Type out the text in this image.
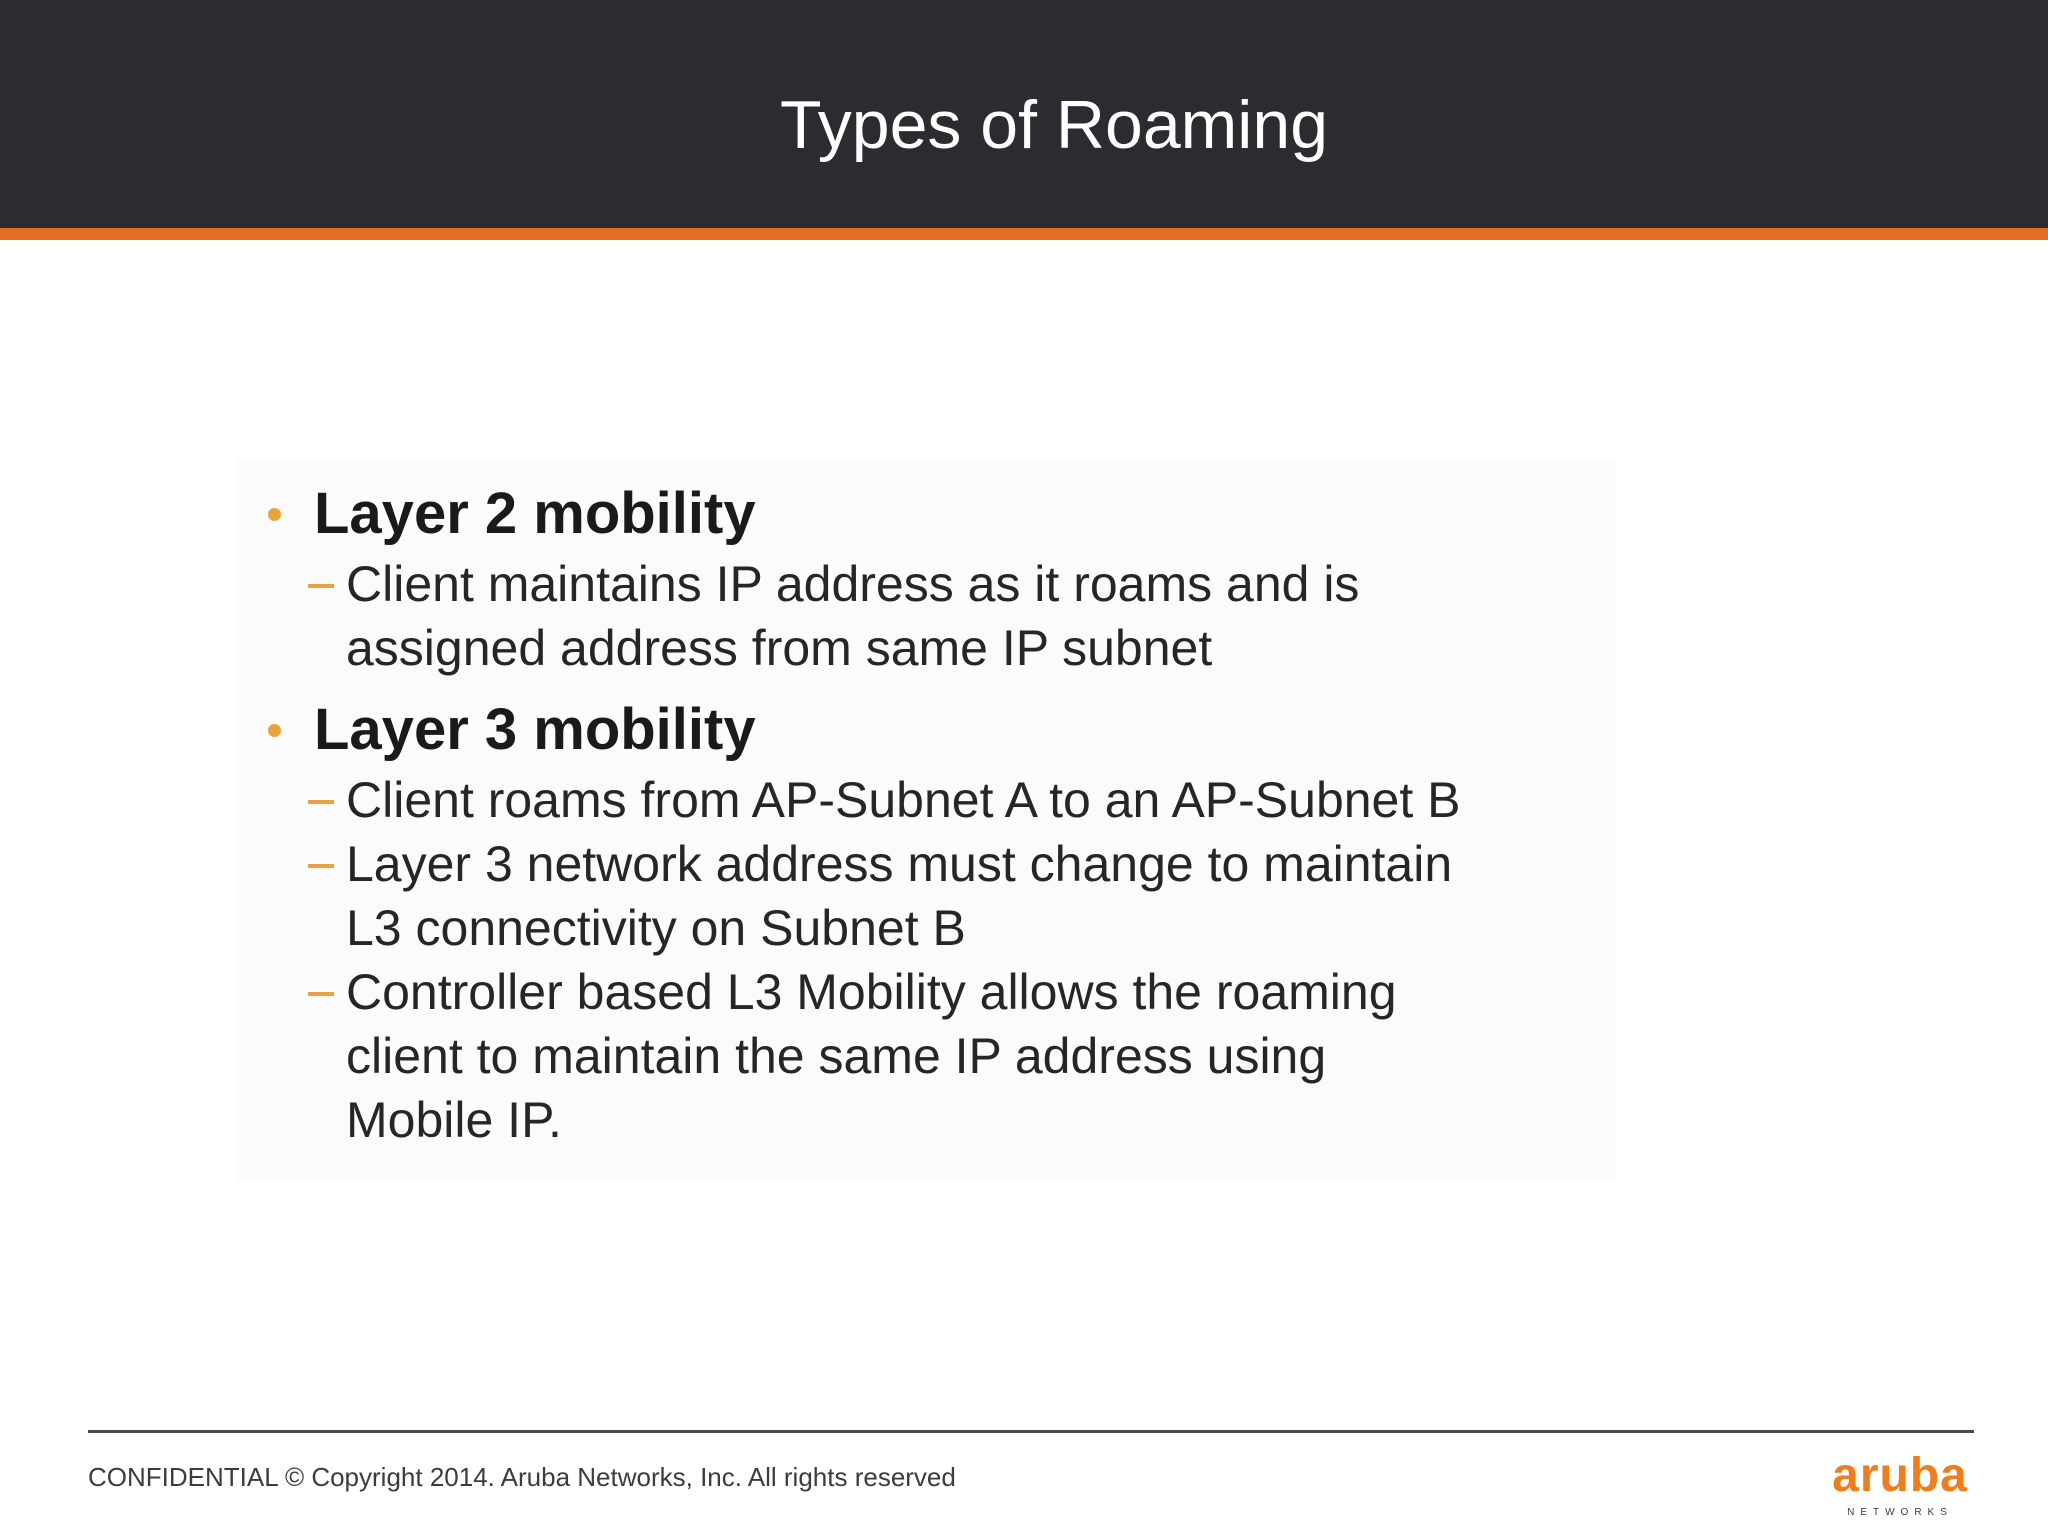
Types of Roaming
Layer 2 mobility
Client maintains IP address as it roams and is
assigned address from same IP subnet
Layer 3 mobility
Client roams from AP-Subnet A to an AP-Subnet B
Layer 3 network address must change to maintain
L3 connectivity on Subnet B
Controller based L3 Mobility allows the roaming
client to maintain the same IP address using
Mobile IP.
CONFIDENTIAL © Copyright 2014. Aruba Networks, Inc. All rights reserved	aruba
NETWORKS
